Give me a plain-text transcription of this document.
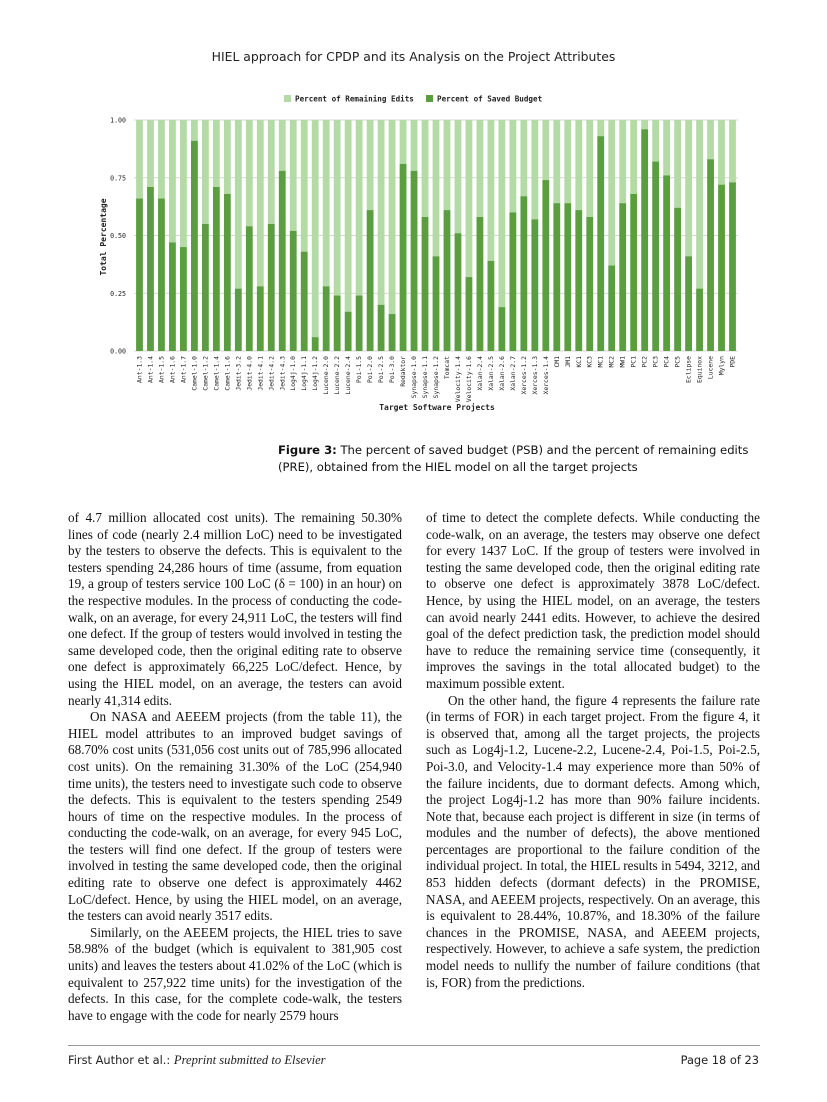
HIEL approach for CPDP and its Analysis on the Project Attributes
0.00
0.25
0.50
0.75
1.00
Ant-1.3 Ant-1.4 Ant-1.5 Ant-1.6 Ant-1.7 Camel-1.0 Camel-1.2 Camel-1.4 Camel-1.6 Jedit-3.2 Jedit-4.0 Jedit-4.1 Jedit-4.2 Jedit-4.3 Log4j-1.0 Log4j-1.1 Log4j-1.2 Lucene-2.0 Lucene-2.2 Lucene-2.4 Poi-1.5 Poi-2.0 Poi-2.5 Poi-3.0 Redaktor Synapse-1.0 Synapse-1.1 Synapse-1.2 Tomcat Velocity-1.4 Velocity-1.6 Xalan-2.4 Xalan-2.5 Xalan-2.6 Xalan-2.7 Xerces-1.2 Xerces-1.3 Xerces-1.4 CM1 JM1 KC1 KC3 MC1 MC2 MW1 PC1 PC2 PC3 PC4 PC5 Eclipse Equinox Lucene Mylyn PDE
Percent of Remaining Edits	Percent of Saved Budget
Target Software Projects
Total Percentage
Figure 3: The percent of saved budget (PSB) and the percent of remaining edits (PRE), obtained from the HIEL model on all the target projects

of 4.7 million allocated cost units). The remaining 50.30% lines of code (nearly 2.4 million LoC) need to be investigated by the testers to observe the defects. This is equivalent to the testers spending 24,286 hours of time (assume, from equation 19, a group of testers service 100 LoC (δ = 100) in an hour) on the respective modules. In the process of conducting the code-walk, on an average, for every 24,911 LoC, the testers will find one defect. If the group of testers would involved in testing the same developed code, then the original editing rate to observe one defect is approximately 66,225 LoC/defect. Hence, by using the HIEL model, on an average, the testers can avoid nearly 41,314 edits.

On NASA and AEEEM projects (from the table 11), the HIEL model attributes to an improved budget savings of 68.70% cost units (531,056 cost units out of 785,996 allocated cost units). On the remaining 31.30% of the LoC (254,940 time units), the testers need to investigate such code to observe the defects. This is equivalent to the testers spending 2549 hours of time on the respective modules. In the process of conducting the code-walk, on an average, for every 945 LoC, the testers will find one defect. If the group of testers were involved in testing the same developed code, then the original editing rate to observe one defect is approximately 4462 LoC/defect. Hence, by using the HIEL model, on an average, the testers can avoid nearly 3517 edits.

Similarly, on the AEEEM projects, the HIEL tries to save 58.98% of the budget (which is equivalent to 381,905 cost units) and leaves the testers about 41.02% of the LoC (which is equivalent to 257,922 time units) for the investigation of the defects. In this case, for the complete code-walk, the testers have to engage with the code for nearly 2579 hours

of time to detect the complete defects. While conducting the code-walk, on an average, the testers may observe one defect for every 1437 LoC. If the group of testers were involved in testing the same developed code, then the original editing rate to observe one defect is approximately 3878 LoC/defect. Hence, by using the HIEL model, on an average, the testers can avoid nearly 2441 edits. However, to achieve the desired goal of the defect prediction task, the prediction model should have to reduce the remaining service time (consequently, it improves the savings in the total allocated budget) to the maximum possible extent.

On the other hand, the figure 4 represents the failure rate (in terms of FOR) in each target project. From the figure 4, it is observed that, among all the target projects, the projects such as Log4j-1.2, Lucene-2.2, Lucene-2.4, Poi-1.5, Poi-2.5, Poi-3.0, and Velocity-1.4 may experience more than 50% of the failure incidents, due to dormant defects. Among which, the project Log4j-1.2 has more than 90% failure incidents. Note that, because each project is different in size (in terms of modules and the number of defects), the above mentioned percentages are proportional to the failure condition of the individual project. In total, the HIEL results in 5494, 3212, and 853 hidden defects (dormant defects) in the PROMISE, NASA, and AEEEM projects, respectively. On an average, this is equivalent to 28.44%, 10.87%, and 18.30% of the failure chances in the PROMISE, NASA, and AEEEM projects, respectively. However, to achieve a safe system, the prediction model needs to nullify the number of failure conditions (that is, FOR) from the predictions.

First Author et al.: Preprint submitted to Elsevier	Page 18 of 23
